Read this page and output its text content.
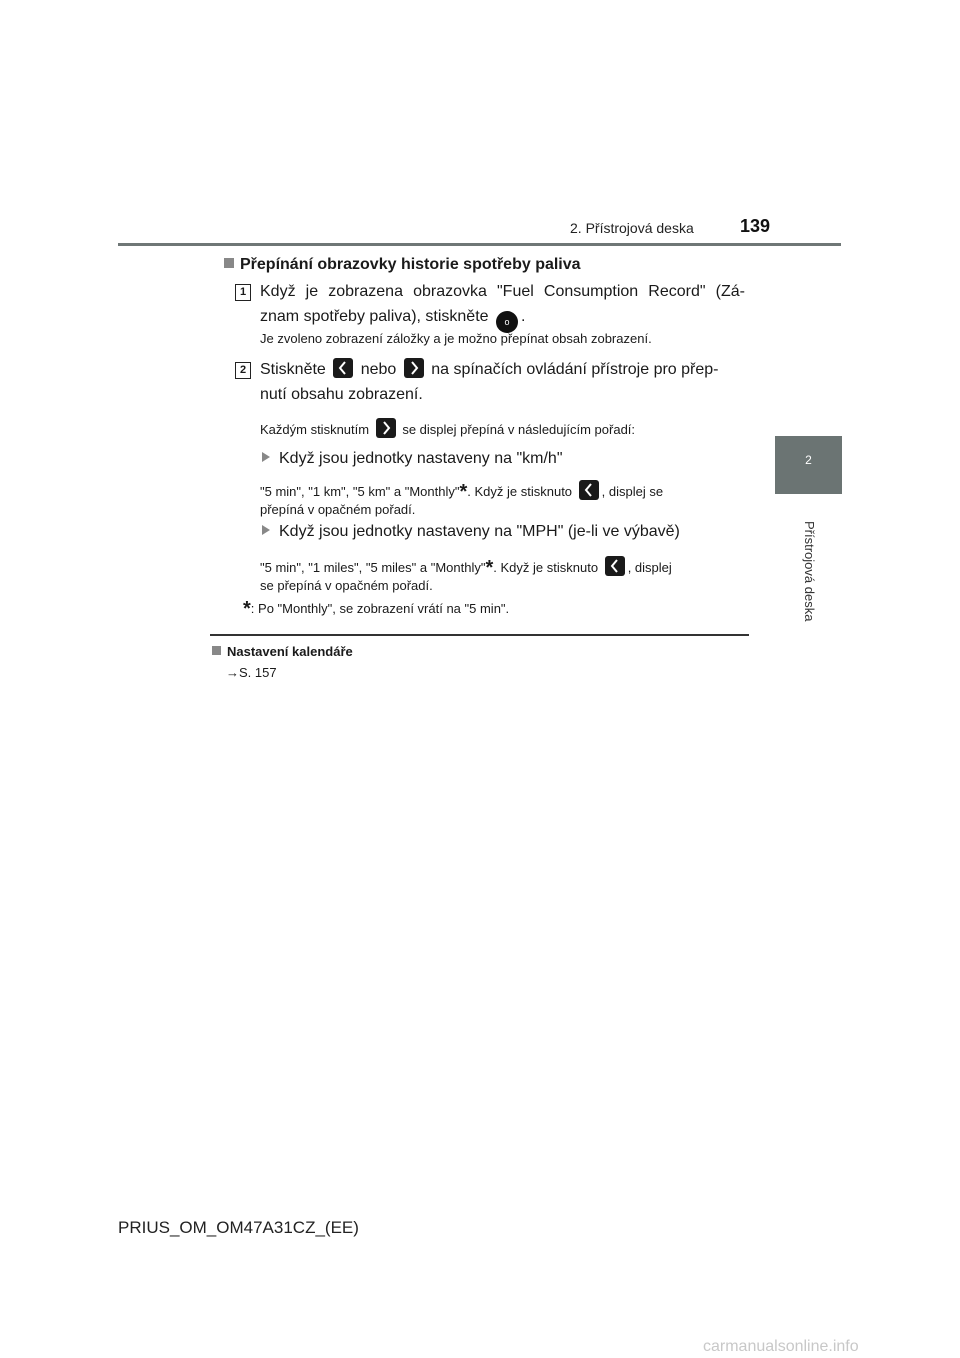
2. Přístrojová deska	139
2
Přístrojová deska
Přepínání obrazovky historie spotřeby paliva
1 Když je zobrazena obrazovka "Fuel Consumption Record" (Zá-
znam spotřeby paliva), stiskněte o .
Je zvoleno zobrazení záložky a je možno přepínat obsah zobrazení.
2 Stiskněte nebo na spínačích ovládání přístroje pro přep-
nutí obsahu zobrazení.
Každým stisknutím	se displej přepíná v následujícím pořadí:
Když jsou jednotky nastaveny na "km/h"
"5 min", "1 km", "5 km" a "Monthly"*. Když je stisknuto , displej se
přepíná v opačném pořadí.
Když jsou jednotky nastaveny na "MPH" (je-li ve výbavě)
"5 min", "1 miles", "5 miles" a "Monthly"*. Když je stisknuto , displej
se přepíná v opačném pořadí.
*: Po "Monthly", se zobrazení vrátí na "5 min".
Nastavení kalendáře
→S. 157
PRIUS_OM_OM47A31CZ_(EE)
carmanualsonline.info
